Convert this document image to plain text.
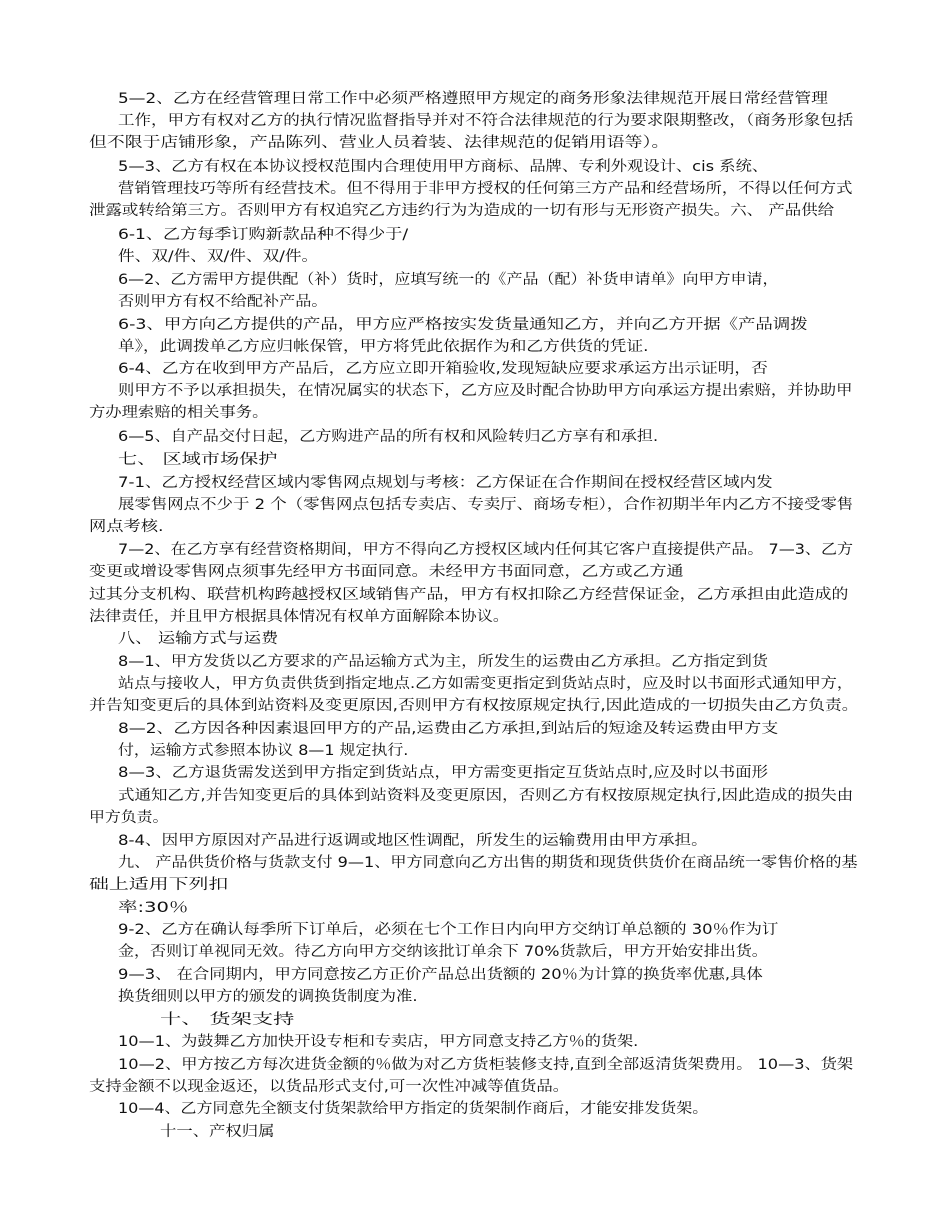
5—2、乙方在经营管理日常工作中必须严格遵照甲方规定的商务形象法律规范开展日常经营管理
工作，甲方有权对乙方的执行情况监督指导并对不符合法律规范的行为要求限期整改，（商务形象包括
但不限于店铺形象，产品陈列、营业人员着装、法律规范的促销用语等）。
5—3、乙方有权在本协议授权范围内合理使用甲方商标、品牌、专利外观设计、cis 系统、
营销管理技巧等所有经营技术。但不得用于非甲方授权的任何第三方产品和经营场所，不得以任何方式
泄露或转给第三方。否则甲方有权追究乙方违约行为为造成的一切有形与无形资产损失。六、 产品供给
6-1、乙方每季订购新款品种不得少于/
件、双/件、双/件、双/件。
6—2、乙方需甲方提供配（补）货时，应填写统一的《产品（配）补货申请单》向甲方申请，
否则甲方有权不给配补产品。
6-3、甲方向乙方提供的产品，甲方应严格按实发货量通知乙方，并向乙方开据《产品调拨
单》，此调拨单乙方应归帐保管，甲方将凭此依据作为和乙方供货的凭证.
6-4、乙方在收到甲方产品后，乙方应立即开箱验收,发现短缺应要求承运方出示证明，否
则甲方不予以承担损失，在情况属实的状态下，乙方应及时配合协助甲方向承运方提出索赔，并协助甲
方办理索赔的相关事务。
6—5、自产品交付日起，乙方购进产品的所有权和风险转归乙方享有和承担.
七、 区域市场保护
7-1、乙方授权经营区域内零售网点规划与考核：乙方保证在合作期间在授权经营区域内发
展零售网点不少于 2 个（零售网点包括专卖店、专卖厅、商场专柜），合作初期半年内乙方不接受零售
网点考核.
7—2、在乙方享有经营资格期间，甲方不得向乙方授权区域内任何其它客户直接提供产品。 7—3、乙方
变更或增设零售网点须事先经甲方书面同意。未经甲方书面同意，乙方或乙方通
过其分支机构、联营机构跨越授权区域销售产品，甲方有权扣除乙方经营保证金，乙方承担由此造成的
法律责任，并且甲方根据具体情况有权单方面解除本协议。
八、 运输方式与运费
8—1、甲方发货以乙方要求的产品运输方式为主，所发生的运费由乙方承担。乙方指定到货
站点与接收人，甲方负责供货到指定地点.乙方如需变更指定到货站点时，应及时以书面形式通知甲方，
并告知变更后的具体到站资料及变更原因,否则甲方有权按原规定执行,因此造成的一切损失由乙方负责。
8—2、乙方因各种因素退回甲方的产品,运费由乙方承担,到站后的短途及转运费由甲方支
付，运输方式参照本协议 8—1 规定执行.
8—3、乙方退货需发送到甲方指定到货站点，甲方需变更指定互货站点时,应及时以书面形
式通知乙方,并告知变更后的具体到站资料及变更原因，否则乙方有权按原规定执行,因此造成的损失由
甲方负责。
8-4、因甲方原因对产品进行返调或地区性调配，所发生的运输费用由甲方承担。
九、 产品供货价格与货款支付 9—1、甲方同意向乙方出售的期货和现货供货价在商品统一零售价格的基
础上适用下列扣
率:30％
9-2、乙方在确认每季所下订单后，必须在七个工作日内向甲方交纳订单总额的 30％作为订
金，否则订单视同无效。待乙方向甲方交纳该批订单余下 70%货款后，甲方开始安排出货。
9—3、 在合同期内，甲方同意按乙方正价产品总出货额的 20％为计算的换货率优惠,具体
换货细则以甲方的颁发的调换货制度为准.
十、 货架支持
10—1、为鼓舞乙方加快开设专柜和专卖店，甲方同意支持乙方％的货架.
10—2、甲方按乙方每次进货金额的％做为对乙方货柜装修支持,直到全部返清货架费用。 10—3、货架
支持金额不以现金返还，以货品形式支付,可一次性冲减等值货品。
10—4、乙方同意先全额支付货架款给甲方指定的货架制作商后，才能安排发货架。
十一、产权归属
